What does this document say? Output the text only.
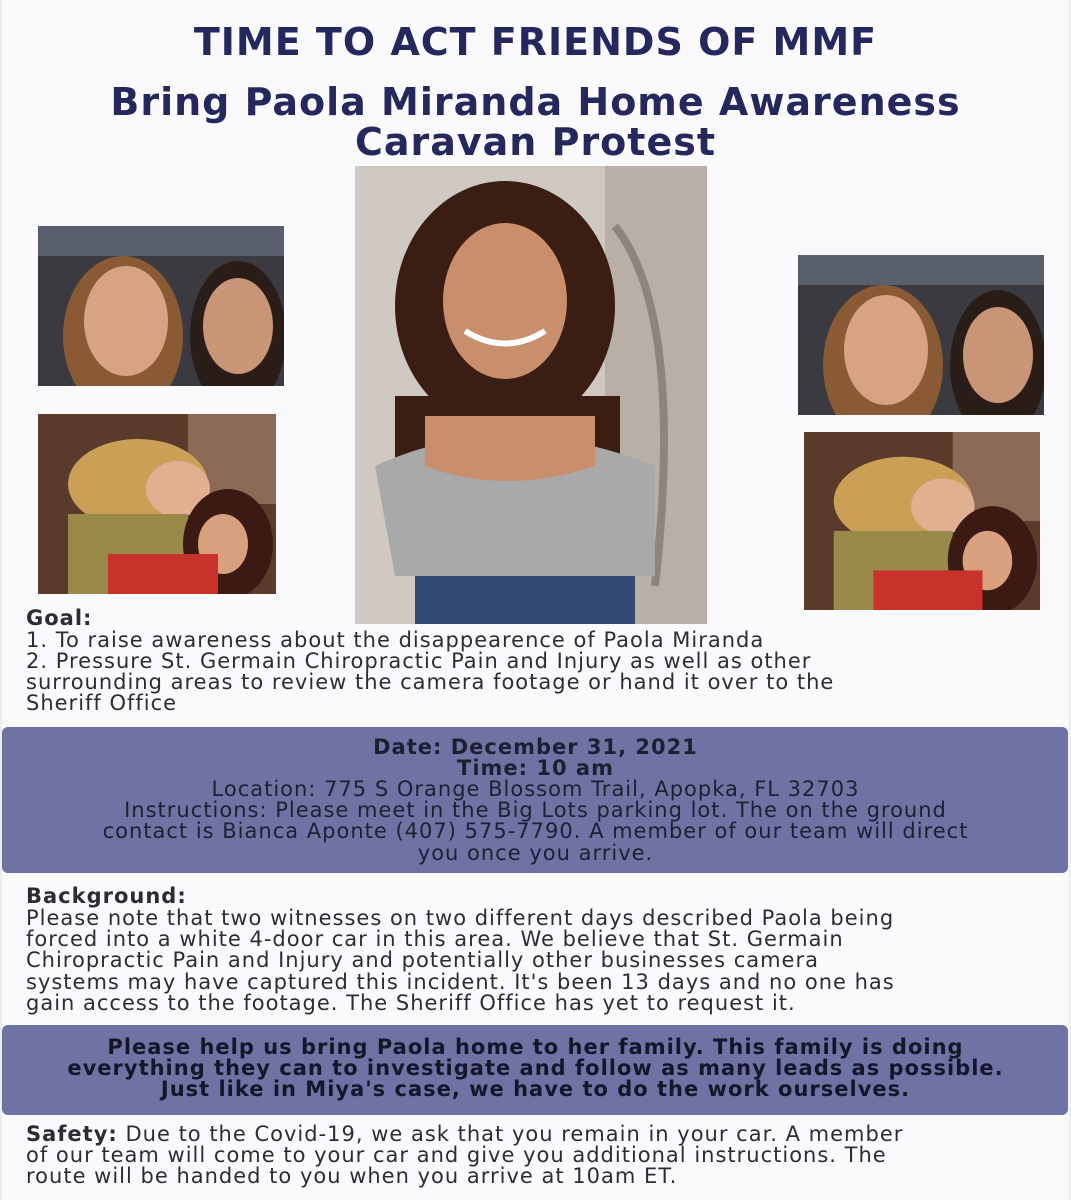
TIME TO ACT FRIENDS OF MMF
Bring Paola Miranda Home Awareness
Caravan Protest
Goal:
1. To raise awareness about the disappearence of Paola Miranda
2. Pressure St. Germain Chiropractic Pain and Injury as well as other
surrounding areas to review the camera footage or hand it over to the
Sheriff Office
Date: December 31, 2021
Time: 10 am
Location: 775 S Orange Blossom Trail, Apopka, FL 32703
Instructions: Please meet in the Big Lots parking lot. The on the ground
contact is Bianca Aponte (407) 575-7790. A member of our team will direct
you once you arrive.
Background:
Please note that two witnesses on two different days described Paola being
forced into a white 4-door car in this area. We believe that St. Germain
Chiropractic Pain and Injury and potentially other businesses camera
systems may have captured this incident. It's been 13 days and no one has
gain access to the footage. The Sheriff Office has yet to request it.
Please help us bring Paola home to her family. This family is doing
everything they can to investigate and follow as many leads as possible.
Just like in Miya's case, we have to do the work ourselves.
Safety: Due to the Covid-19, we ask that you remain in your car. A member
of our team will come to your car and give you additional instructions. The
route will be handed to you when you arrive at 10am ET.
